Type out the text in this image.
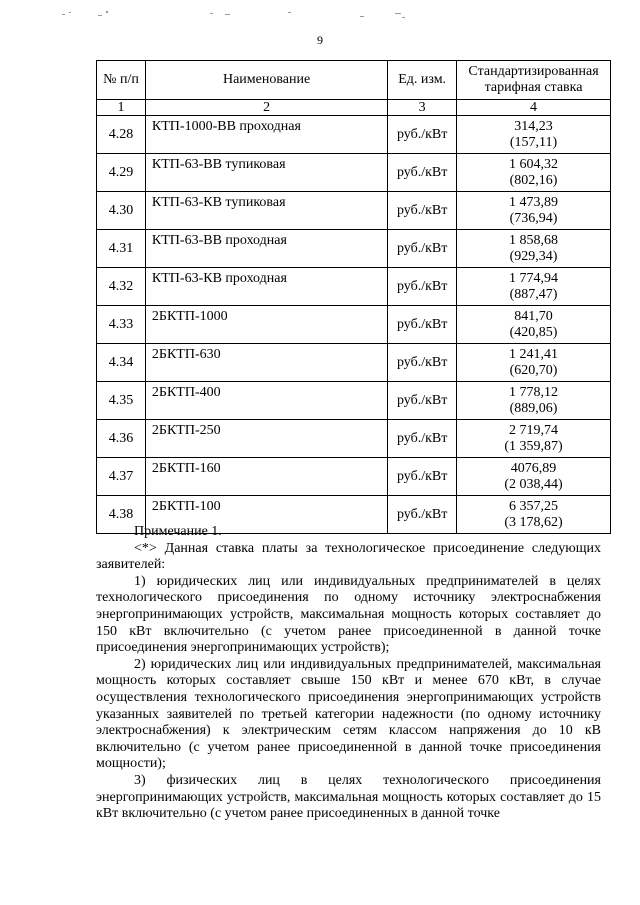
9
№ п/п	Наименование	Ед. изм.	Стандартизированная тарифная ставка
1	2	3	4
4.28	КТП-1000-ВВ проходная	руб./кВт	314,23
(157,11)

4.29	КТП-63-ВВ тупиковая	руб./кВт	1 604,32
(802,16)

4.30	КТП-63-КВ тупиковая	руб./кВт	1 473,89
(736,94)

4.31	КТП-63-ВВ проходная	руб./кВт	1 858,68
(929,34)

4.32	КТП-63-КВ проходная	руб./кВт	1 774,94
(887,47)

4.33	2БКТП-1000	руб./кВт	841,70
(420,85)

4.34	2БКТП-630	руб./кВт	1 241,41
(620,70)

4.35	2БКТП-400	руб./кВт	1 778,12
(889,06)

4.36	2БКТП-250	руб./кВт	2 719,74
(1 359,87)

4.37	2БКТП-160	руб./кВт	4076,89
(2 038,44)

4.38	2БКТП-100	руб./кВт	6 357,25
(3 178,62)

Примечание 1.

<*> Данная ставка платы за технологическое присоединение следующих заявителей:

1) юридических лиц или индивидуальных предпринимателей в целях технологического присоединения по одному источнику электроснабжения энергопринимающих устройств, максимальная мощность которых составляет до 150 кВт включительно (с учетом ранее присоединенной в данной точке присоединения энергопринимающих устройств);

2) юридических лиц или индивидуальных предпринимателей, максимальная мощность которых составляет свыше 150 кВт и менее 670 кВт, в случае осуществления технологического присоединения энергопринимающих устройств указанных заявителей по третьей категории надежности (по одному источнику электроснабжения) к электрическим сетям классом напряжения до 10 кВ включительно (с учетом ранее присоединенной в данной точке присоединения мощности);

3) физических лиц в целях технологического присоединения энергопринимающих устройств, максимальная мощность которых составляет до 15 кВт включительно (с учетом ранее присоединенных в данной точке
